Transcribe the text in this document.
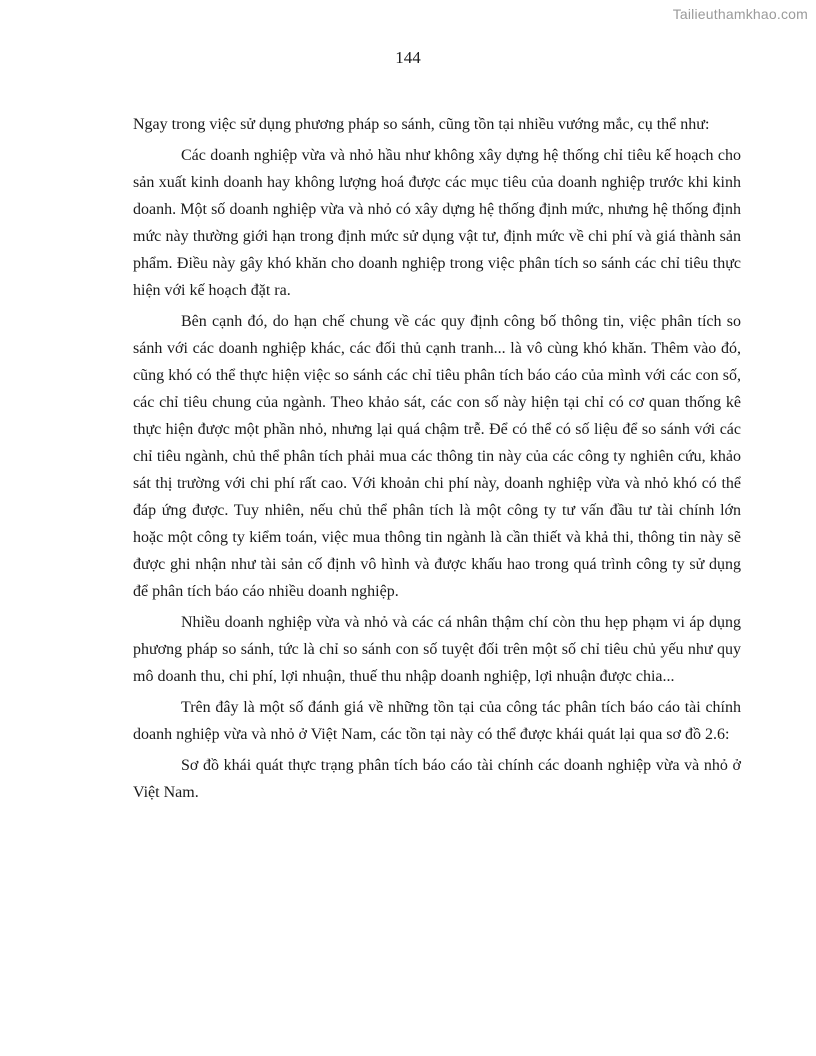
Tailieuthamkhao.com
144

Ngay trong việc sử dụng phương pháp so sánh, cũng tồn tại nhiều vướng mắc, cụ thể như:

Các doanh nghiệp vừa và nhỏ hầu như không xây dựng hệ thống chỉ tiêu kế hoạch cho sản xuất kinh doanh hay không lượng hoá được các mục tiêu của doanh nghiệp trước khi kinh doanh. Một số doanh nghiệp vừa và nhỏ có xây dựng hệ thống định mức, nhưng hệ thống định mức này thường giới hạn trong định mức sử dụng vật tư, định mức về chi phí và giá thành sản phẩm. Điều này gây khó khăn cho doanh nghiệp trong việc phân tích so sánh các chỉ tiêu thực hiện với kế hoạch đặt ra.

Bên cạnh đó, do hạn chế chung về các quy định công bố thông tin, việc phân tích so sánh với các doanh nghiệp khác, các đối thủ cạnh tranh... là vô cùng khó khăn. Thêm vào đó, cũng khó có thể thực hiện việc so sánh các chỉ tiêu phân tích báo cáo của mình với các con số, các chỉ tiêu chung của ngành. Theo khảo sát, các con số này hiện tại chỉ có cơ quan thống kê thực hiện được một phần nhỏ, nhưng lại quá chậm trễ. Để có thể có số liệu để so sánh với các chỉ tiêu ngành, chủ thể phân tích phải mua các thông tin này của các công ty nghiên cứu, khảo sát thị trường với chi phí rất cao. Với khoản chi phí này, doanh nghiệp vừa và nhỏ khó có thể đáp ứng được. Tuy nhiên, nếu chủ thể phân tích là một công ty tư vấn đầu tư tài chính lớn hoặc một công ty kiểm toán, việc mua thông tin ngành là cần thiết và khả thi, thông tin này sẽ được ghi nhận như tài sản cố định vô hình và được khấu hao trong quá trình công ty sử dụng để phân tích báo cáo nhiều doanh nghiệp.

Nhiều doanh nghiệp vừa và nhỏ và các cá nhân thậm chí còn thu hẹp phạm vi áp dụng phương pháp so sánh, tức là chỉ so sánh con số tuyệt đối trên một số chỉ tiêu chủ yếu như quy mô doanh thu, chi phí, lợi nhuận, thuế thu nhập doanh nghiệp, lợi nhuận được chia...

Trên đây là một số đánh giá về những tồn tại của công tác phân tích báo cáo tài chính doanh nghiệp vừa và nhỏ ở Việt Nam, các tồn tại này có thể được khái quát lại qua sơ đồ 2.6:

Sơ đồ khái quát thực trạng phân tích báo cáo tài chính các doanh nghiệp vừa và nhỏ ở Việt Nam.
